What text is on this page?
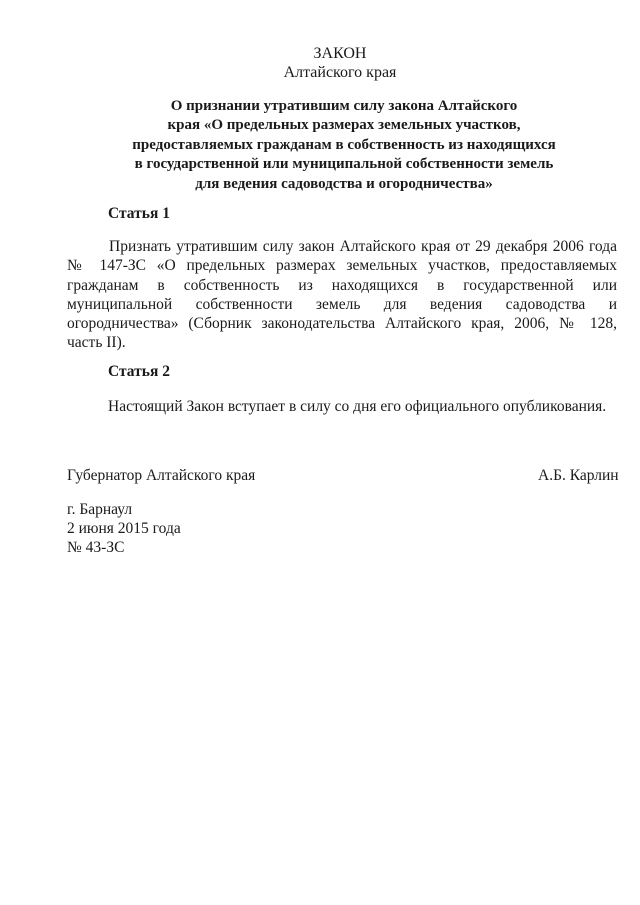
ЗАКОН
Алтайского края
О признании утратившим силу закона Алтайского
края «О предельных размерах земельных участков,
предоставляемых гражданам в собственность из находящихся
в государственной или муниципальной собственности земель
для ведения садоводства и огородничества»
Статья 1
Признать утратившим силу закон Алтайского края от 29 декабря 2006 года
№ 147-ЗС «О предельных размерах земельных участков, предоставляемых
гражданам в собственность из находящихся в государственной или
муниципальной собственности земель для ведения садоводства и
огородничества» (Сборник законодательства Алтайского края, 2006, № 128,
часть II).
Статья 2
Настоящий Закон вступает в силу со дня его официального опубликования.
Губернатор Алтайского края	А.Б. Карлин
г. Барнаул
2 июня 2015 года
№ 43-ЗС
